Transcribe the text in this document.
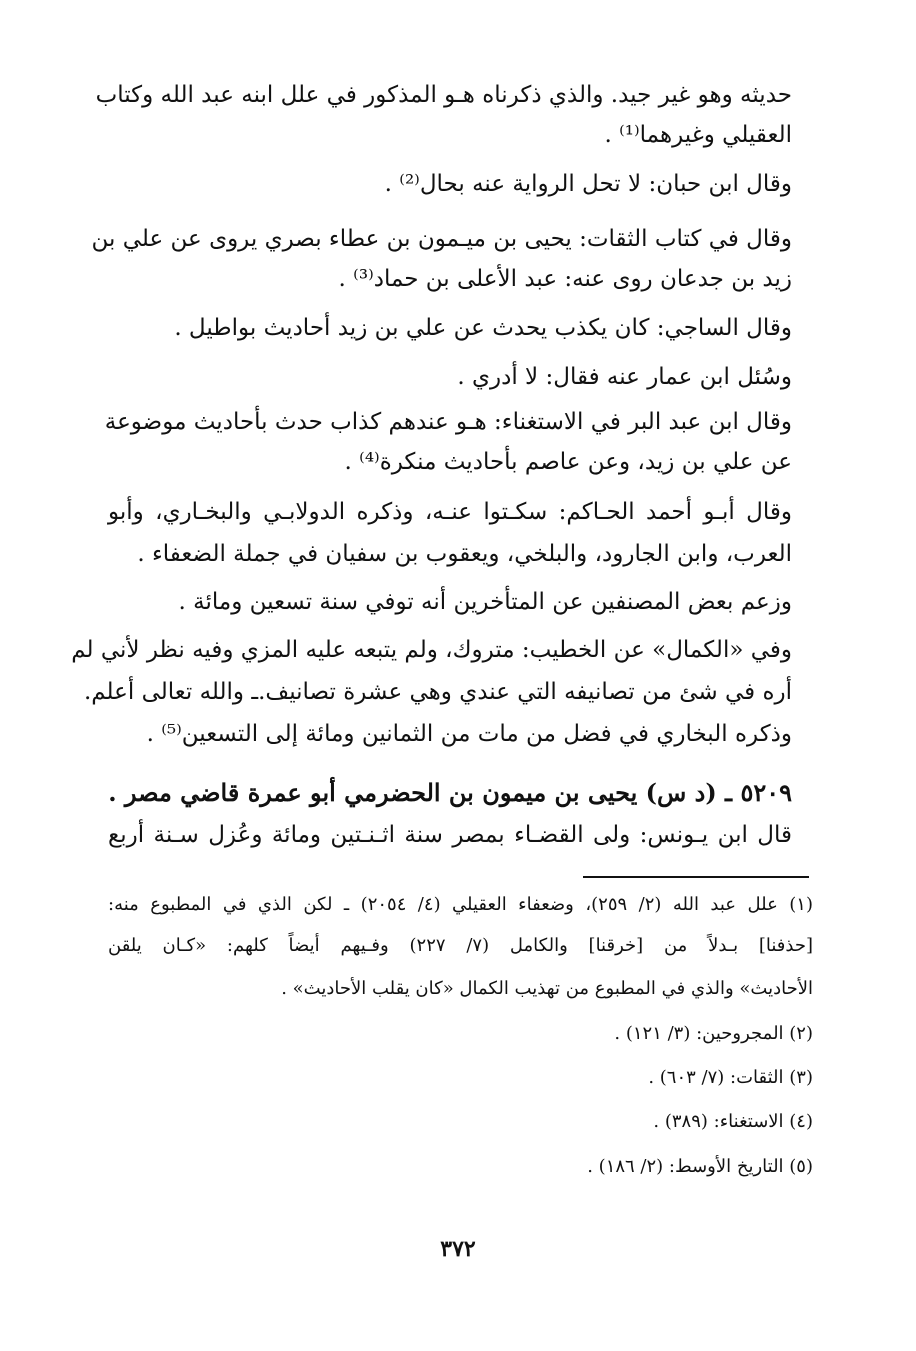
حديثه وهو غير جيد. والذي ذكرناه هـو المذكور في علل ابنه عبد الله وكتاب
العقيلي وغيرهما⁽¹⁾ .
وقال ابن حبان: لا تحل الرواية عنه بحال⁽²⁾ .
وقال في كتاب الثقات: يحيى بن ميـمون بن عطاء بصري يروى عن علي بن
زيد بن جدعان روى عنه: عبد الأعلى بن حماد⁽³⁾ .
وقال الساجي: كان يكذب يحدث عن علي بن زيد أحاديث بواطيل .
وسُئل ابن عمار عنه فقال: لا أدري .
وقال ابن عبد البر في الاستغناء: هـو عندهم كذاب حدث بأحاديث موضوعة
عن علي بن زيد، وعن عاصم بأحاديث منكرة⁽⁴⁾ .
وقال أبـو أحمد الحـاكم: سكـتوا عنـه، وذكره الدولابـي والبخـاري، وأبو
العرب، وابن الجارود، والبلخي، ويعقوب بن سفيان في جملة الضعفاء .
وزعم بعض المصنفين عن المتأخرين أنه توفي سنة تسعين ومائة .
وفي «الكمال» عن الخطيب: متروك، ولم يتبعه عليه المزي وفيه نظر لأني لم
أره في شئ من تصانيفه التي عندي وهي عشرة تصانيف.ـ والله تعالى أعلم.
وذكره البخاري في فضل من مات من الثمانين ومائة إلى التسعين⁽⁵⁾ .
٥٢٠٩ ـ (د س) يحيى بن ميمون بن الحضرمي أبو عمرة قاضي مصر .
قال ابن يـونس: ولى القضـاء بمصر سنة اثـنـتين ومائة وعُزل سـنة أربع
(١) علل عبد الله (٢/ ٢٥٩)، وضعفاء العقيلي (٤/ ٢٠٥٤) ـ لكن الذي في المطبوع منه:
[حذفنا] بـدلاً من [خرقنا] والكامل (٧/ ٢٢٧) وفـيهم أيضاً كلهم: «كـان يلقن
الأحاديث» والذي في المطبوع من تهذيب الكمال «كان يقلب الأحاديث» .
(٢) المجروحين: (٣/ ١٢١) .
(٣) الثقات: (٧/ ٦٠٣) .
(٤) الاستغناء: (٣٨٩) .
(٥) التاريخ الأوسط: (٢/ ١٨٦) .
٣٧٢
